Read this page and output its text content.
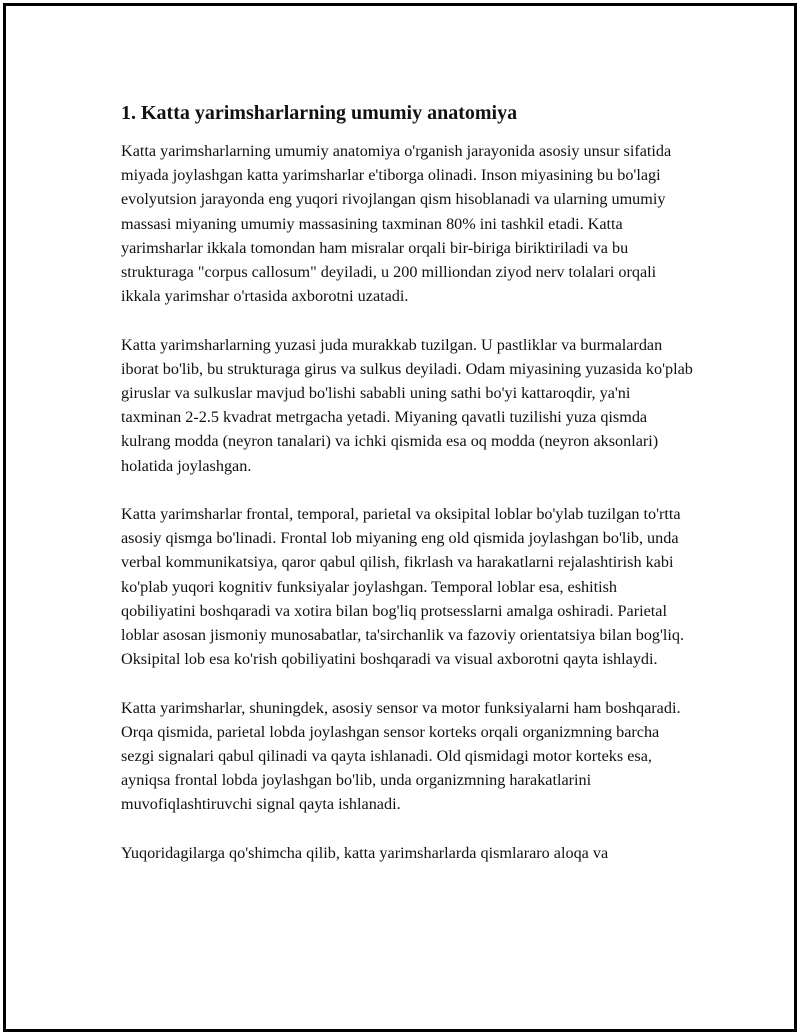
1. Katta yarimsharlarning umumiy anatomiya

Katta yarimsharlarning umumiy anatomiya o'rganish jarayonida asosiy unsur sifatida miyada joylashgan katta yarimsharlar e'tiborga olinadi. Inson miyasining bu bo'lagi evolyutsion jarayonda eng yuqori rivojlangan qism hisoblanadi va ularning umumiy massasi miyaning umumiy massasining taxminan 80% ini tashkil etadi. Katta yarimsharlar ikkala tomondan ham misralar orqali bir-biriga biriktiriladi va bu strukturaga "corpus callosum" deyiladi, u 200 milliondan ziyod nerv tolalari orqali ikkala yarimshar o'rtasida axborotni uzatadi.

Katta yarimsharlarning yuzasi juda murakkab tuzilgan. U pastliklar va burmalardan iborat bo'lib, bu strukturaga girus va sulkus deyiladi. Odam miyasining yuzasida ko'plab giruslar va sulkuslar mavjud bo'lishi sababli uning sathi bo'yi kattaroqdir, ya'ni taxminan 2-2.5 kvadrat metrgacha yetadi. Miyaning qavatli tuzilishi yuza qismda kulrang modda (neyron tanalari) va ichki qismida esa oq modda (neyron aksonlari) holatida joylashgan.

Katta yarimsharlar frontal, temporal, parietal va oksipital loblar bo'ylab tuzilgan to'rtta asosiy qismga bo'linadi. Frontal lob miyaning eng old qismida joylashgan bo'lib, unda verbal kommunikatsiya, qaror qabul qilish, fikrlash va harakatlarni rejalashtirish kabi ko'plab yuqori kognitiv funksiyalar joylashgan. Temporal loblar esa, eshitish qobiliyatini boshqaradi va xotira bilan bog'liq protsesslarni amalga oshiradi. Parietal loblar asosan jismoniy munosabatlar, ta'sirchanlik va fazoviy orientatsiya bilan bog'liq. Oksipital lob esa ko'rish qobiliyatini boshqaradi va visual axborotni qayta ishlaydi.

Katta yarimsharlar, shuningdek, asosiy sensor va motor funksiyalarni ham boshqaradi. Orqa qismida, parietal lobda joylashgan sensor korteks orqali organizmning barcha sezgi signalari qabul qilinadi va qayta ishlanadi. Old qismidagi motor korteks esa, ayniqsa frontal lobda joylashgan bo'lib, unda organizmning harakatlarini muvofiqlashtiruvchi signal qayta ishlanadi.

Yuqoridagilarga qo'shimcha qilib, katta yarimsharlarda qismlararo aloqa va
